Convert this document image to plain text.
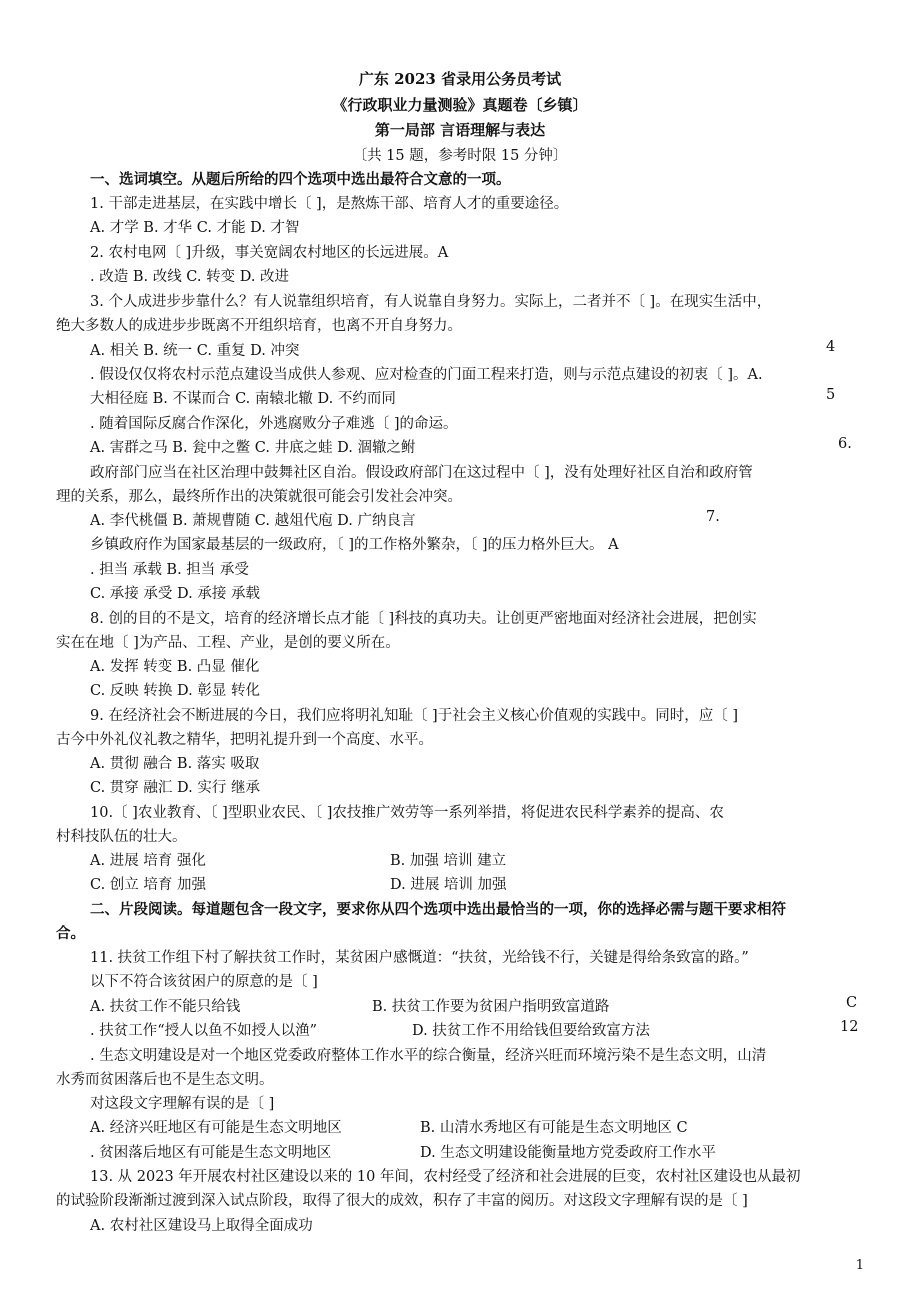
广东 2023 省录用公务员考试
《行政职业力量测验》真题卷〔乡镇〕
第一局部 言语理解与表达
〔共 15 题，参考时限 15 分钟〕
一、选词填空。从题后所给的四个选项中选出最符合文意的一项。
1. 干部走进基层，在实践中增长〔 ]，是熬炼干部、培育人才的重要途径。
A. 才学 B. 才华 C. 才能 D. 才智
2. 农村电网〔 ]升级，事关宽阔农村地区的长远进展。A
. 改造 B. 改线 C. 转变 D. 改进
3. 个人成进步步靠什么？有人说靠组织培育，有人说靠自身努力。实际上，二者并不〔 ]。在现实生活中，
绝大多数人的成进步步既离不开组织培育，也离不开自身努力。
A. 相关 B. 统一 C. 重复 D. 冲突	4
. 假设仅仅将农村示范点建设当成供人参观、应对检查的门面工程来打造，则与示范点建设的初衷〔 ]。A.
大相径庭 B. 不谋而合 C. 南辕北辙 D. 不约而同	5
. 随着国际反腐合作深化，外逃腐败分子难逃〔 ]的命运。
A. 害群之马 B. 瓮中之鳖 C. 井底之蛙 D. 涸辙之鲋	6.
政府部门应当在社区治理中鼓舞社区自治。假设政府部门在这过程中〔 ]，没有处理好社区自治和政府管
理的关系，那么，最终所作出的决策就很可能会引发社会冲突。
A. 李代桃僵 B. 萧规曹随 C. 越俎代庖 D. 广纳良言	7.
乡镇政府作为国家最基层的一级政府，〔 ]的工作格外繁杂，〔 ]的压力格外巨大。 A
. 担当 承载 B. 担当 承受
C. 承接 承受 D. 承接 承载
8. 创的目的不是文，培育的经济增长点才能〔 ]科技的真功夫。让创更严密地面对经济社会进展，把创实
实在在地〔 ]为产品、工程、产业，是创的要义所在。
A. 发挥 转变 B. 凸显 催化
C. 反映 转换 D. 彰显 转化
9. 在经济社会不断进展的今日，我们应将明礼知耻〔 ]于社会主义核心价值观的实践中。同时，应〔 ]
古今中外礼仪礼教之精华，把明礼提升到一个高度、水平。
A. 贯彻 融合 B. 落实 吸取
C. 贯穿 融汇 D. 实行 继承
10.〔 ]农业教育、〔 ]型职业农民、〔 ]农技推广效劳等一系列举措，将促进农民科学素养的提高、农
村科技队伍的壮大。
A. 进展 培育 强化	B. 加强 培训 建立
C. 创立 培育 加强	D. 进展 培训 加强
二、片段阅读。每道题包含一段文字，要求你从四个选项中选出最恰当的一项，你的选择必需与题干要求相符
合。
11. 扶贫工作组下村了解扶贫工作时，某贫困户感慨道：“扶贫，光给钱不行，关键是得给条致富的路。”
以下不符合该贫困户的原意的是〔 ]
A. 扶贫工作不能只给钱	B. 扶贫工作要为贫困户指明致富道路	C
. 扶贫工作“授人以鱼不如授人以渔”	D. 扶贫工作不用给钱但要给致富方法	12
. 生态文明建设是对一个地区党委政府整体工作水平的综合衡量，经济兴旺而环境污染不是生态文明，山清
水秀而贫困落后也不是生态文明。
对这段文字理解有误的是〔 ]
A. 经济兴旺地区有可能是生态文明地区	B. 山清水秀地区有可能是生态文明地区 C
. 贫困落后地区有可能是生态文明地区	D. 生态文明建设能衡量地方党委政府工作水平
13. 从 2023 年开展农村社区建设以来的 10 年间，农村经受了经济和社会进展的巨变，农村社区建设也从最初
的试验阶段渐渐过渡到深入试点阶段，取得了很大的成效，积存了丰富的阅历。对这段文字理解有误的是〔 ]
A. 农村社区建设马上取得全面成功
1
